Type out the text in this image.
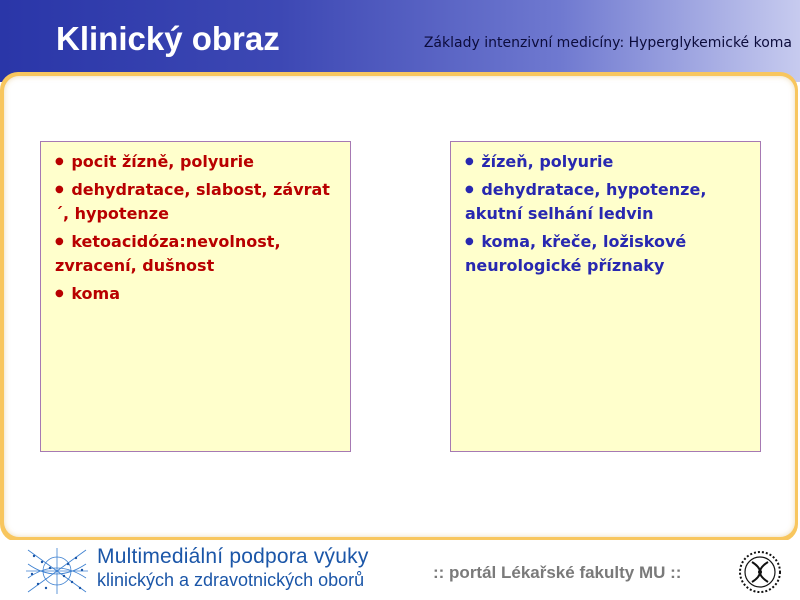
Klinický obraz	Základy intenzivní medicíny: Hyperglykemické koma
● pocit žízně, polyurie
● dehydratace, slabost, závrat´, hypotenze
● ketoacidóza:nevolnost, zvracení, dušnost
● koma
● žízeň, polyurie
● dehydratace, hypotenze, akutní selhání ledvin
● koma, křeče, ložiskové neurologické příznaky
Multimediální podpora výuky
klinických a zdravotnických oborů	:: portál Lékařské fakulty MU ::
